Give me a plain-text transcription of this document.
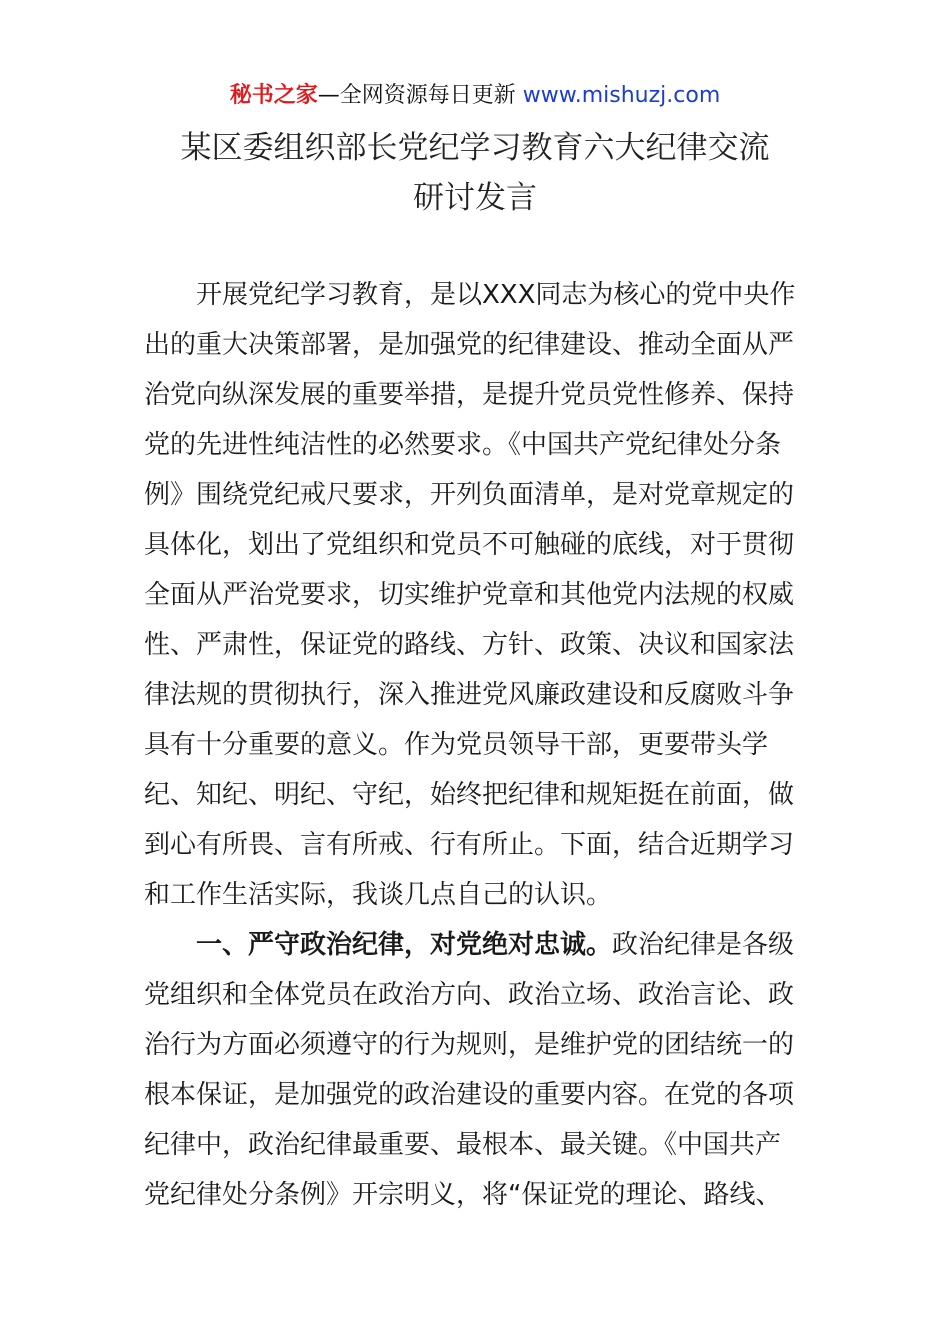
秘书之家—全网资源每日更新 www.mishuzj.com
某区委组织部长党纪学习教育六大纪律交流
研讨发言
　　开展党纪学习教育，是以XXX同志为核心的党中央作
出的重大决策部署，是加强党的纪律建设、推动全面从严
治党向纵深发展的重要举措，是提升党员党性修养、保持
党的先进性纯洁性的必然要求。《中国共产党纪律处分条
例》围绕党纪戒尺要求，开列负面清单，是对党章规定的
具体化，划出了党组织和党员不可触碰的底线，对于贯彻
全面从严治党要求，切实维护党章和其他党内法规的权威
性、严肃性，保证党的路线、方针、政策、决议和国家法
律法规的贯彻执行，深入推进党风廉政建设和反腐败斗争
具有十分重要的意义。作为党员领导干部，更要带头学
纪、知纪、明纪、守纪，始终把纪律和规矩挺在前面，做
到心有所畏、言有所戒、行有所止。下面，结合近期学习
和工作生活实际，我谈几点自己的认识。
　　一、严守政治纪律，对党绝对忠诚。政治纪律是各级
党组织和全体党员在政治方向、政治立场、政治言论、政
治行为方面必须遵守的行为规则，是维护党的团结统一的
根本保证，是加强党的政治建设的重要内容。在党的各项
纪律中，政治纪律最重要、最根本、最关键。《中国共产
党纪律处分条例》开宗明义，将“保证党的理论、路线、
